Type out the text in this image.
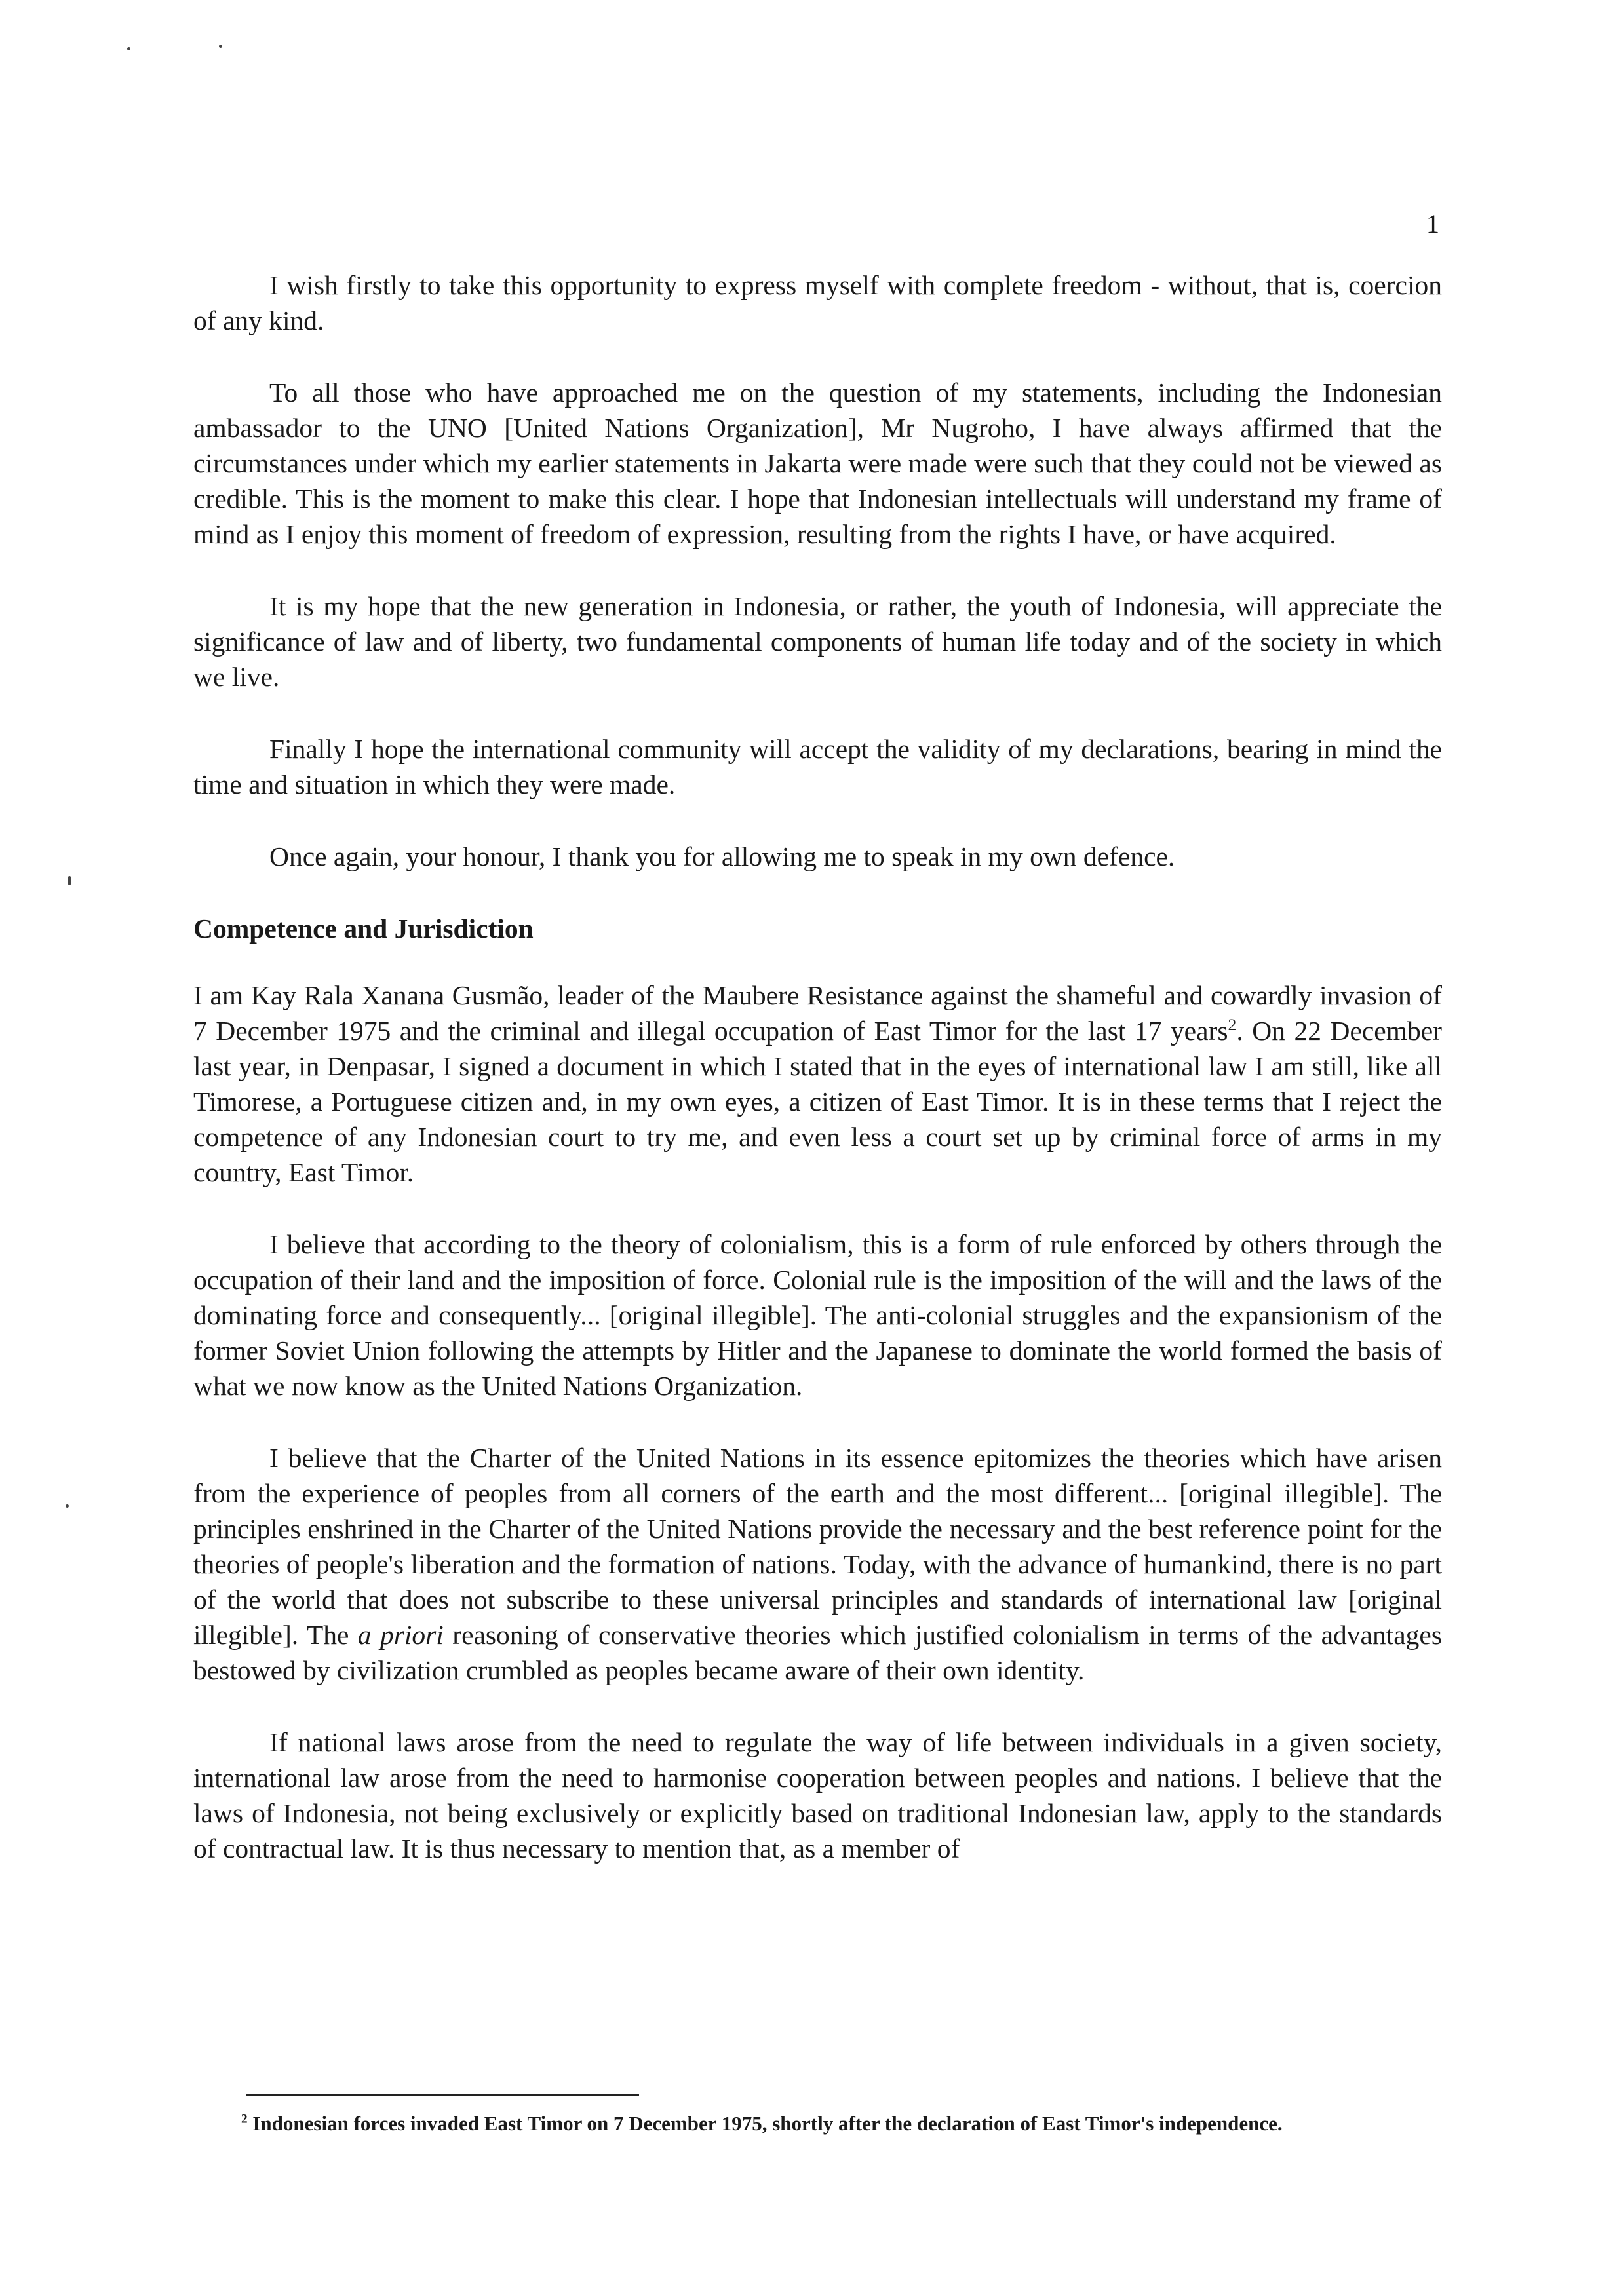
1

I wish firstly to take this opportunity to express myself with complete freedom - without, that is, coercion of any kind.

To all those who have approached me on the question of my statements, including the Indonesian ambassador to the UNO [United Nations Organization], Mr Nugroho, I have always affirmed that the circumstances under which my earlier statements in Jakarta were made were such that they could not be viewed as credible. This is the moment to make this clear. I hope that Indonesian intellectuals will understand my frame of mind as I enjoy this moment of freedom of expression, resulting from the rights I have, or have acquired.

It is my hope that the new generation in Indonesia, or rather, the youth of Indonesia, will appreciate the significance of law and of liberty, two fundamental components of human life today and of the society in which we live.

Finally I hope the international community will accept the validity of my declarations, bearing in mind the time and situation in which they were made.

Once again, your honour, I thank you for allowing me to speak in my own defence.

Competence and Jurisdiction

I am Kay Rala Xanana Gusmão, leader of the Maubere Resistance against the shameful and cowardly invasion of 7 December 1975 and the criminal and illegal occupation of East Timor for the last 17 years$^2$. On 22 December last year, in Denpasar, I signed a document in which I stated that in the eyes of international law I am still, like all Timorese, a Portuguese citizen and, in my own eyes, a citizen of East Timor. It is in these terms that I reject the competence of any Indonesian court to try me, and even less a court set up by criminal force of arms in my country, East Timor.

I believe that according to the theory of colonialism, this is a form of rule enforced by others through the occupation of their land and the imposition of force. Colonial rule is the imposition of the will and the laws of the dominating force and consequently... [original illegible]. The anti-colonial struggles and the expansionism of the former Soviet Union following the attempts by Hitler and the Japanese to dominate the world formed the basis of what we now know as the United Nations Organization.

I believe that the Charter of the United Nations in its essence epitomizes the theories which have arisen from the experience of peoples from all corners of the earth and the most different... [original illegible]. The principles enshrined in the Charter of the United Nations provide the necessary and the best reference point for the theories of people's liberation and the formation of nations. Today, with the advance of humankind, there is no part of the world that does not subscribe to these universal principles and standards of international law [original illegible]. The a priori reasoning of conservative theories which justified colonialism in terms of the advantages bestowed by civilization crumbled as peoples became aware of their own identity.

If national laws arose from the need to regulate the way of life between individuals in a given society, international law arose from the need to harmonise cooperation between peoples and nations. I believe that the laws of Indonesia, not being exclusively or explicitly based on traditional Indonesian law, apply to the standards of contractual law. It is thus necessary to mention that, as a member of

$^2$ Indonesian forces invaded East Timor on 7 December 1975, shortly after the declaration of East Timor's independence.
